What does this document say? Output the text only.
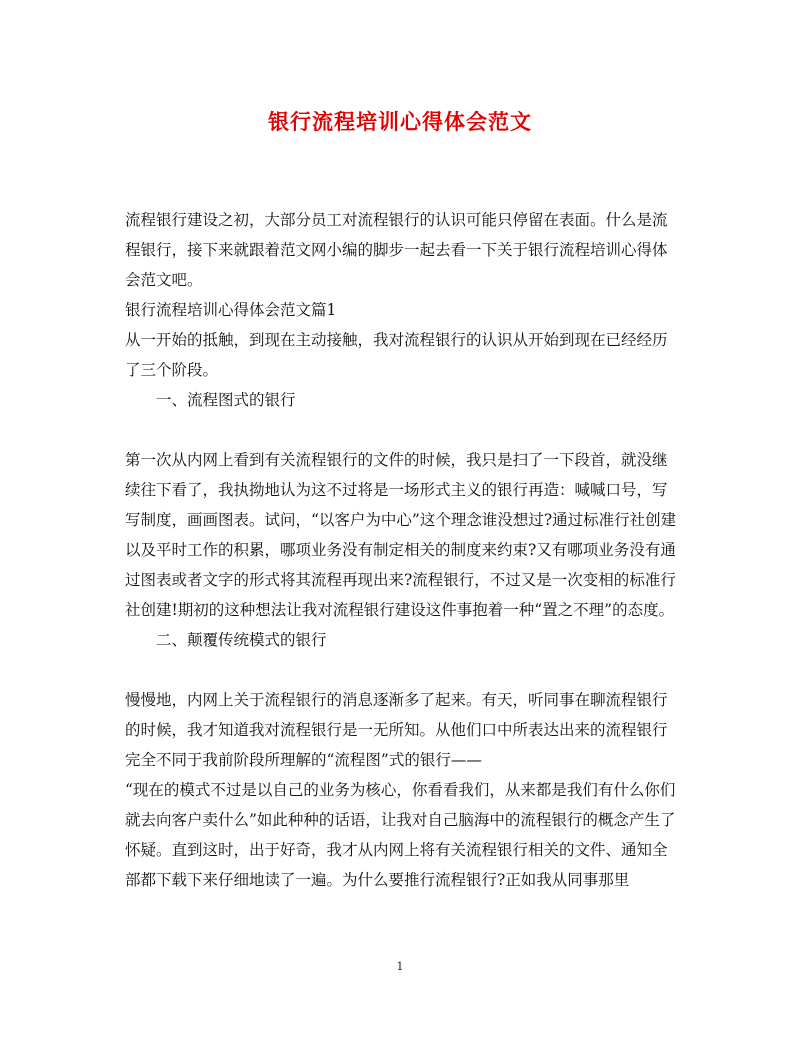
银行流程培训心得体会范文

流程银行建设之初，大部分员工对流程银行的认识可能只停留在表面。什么是流程银行，接下来就跟着范文网小编的脚步一起去看一下关于银行流程培训心得体会范文吧。

银行流程培训心得体会范文篇1

从一开始的抵触，到现在主动接触，我对流程银行的认识从开始到现在已经经历了三个阶段。

一、流程图式的银行

第一次从内网上看到有关流程银行的文件的时候，我只是扫了一下段首，就没继续往下看了，我执拗地认为这不过将是一场形式主义的银行再造：喊喊口号，写写制度，画画图表。试问，“以客户为中心”这个理念谁没想过?通过标准行社创建以及平时工作的积累，哪项业务没有制定相关的制度来约束?又有哪项业务没有通过图表或者文字的形式将其流程再现出来?流程银行，不过又是一次变相的标准行社创建!期初的这种想法让我对流程银行建设这件事抱着一种“置之不理”的态度。

二、颠覆传统模式的银行

慢慢地，内网上关于流程银行的消息逐渐多了起来。有天，听同事在聊流程银行的时候，我才知道我对流程银行是一无所知。从他们口中所表达出来的流程银行完全不同于我前阶段所理解的“流程图”式的银行——

“现在的模式不过是以自己的业务为核心，你看看我们，从来都是我们有什么你们就去向客户卖什么”如此种种的话语，让我对自己脑海中的流程银行的概念产生了怀疑。直到这时，出于好奇，我才从内网上将有关流程银行相关的文件、通知全部都下载下来仔细地读了一遍。为什么要推行流程银行?正如我从同事那里

1
